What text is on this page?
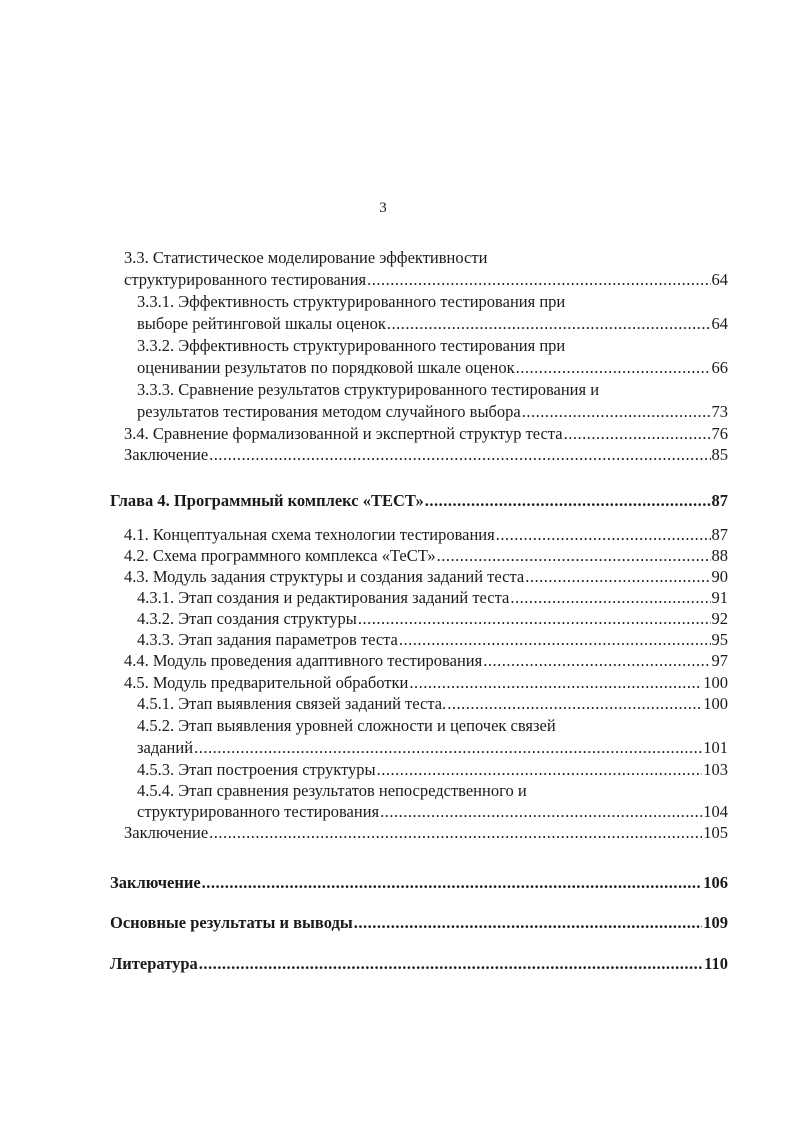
3
3.3. Статистическое моделирование эффективности
структурированного тестирования .....	64
3.3.1. Эффективность структурированного тестирования при
выборе рейтинговой шкалы оценок .....	64
3.3.2. Эффективность структурированного тестирования при
оценивании результатов по порядковой шкале оценок .....	66
3.3.3. Сравнение результатов структурированного тестирования и
результатов тестирования методом случайного выбора .....	73
3.4. Сравнение формализованной и экспертной структур теста .....	76
Заключение .....	85
Глава 4. Программный комплекс «ТЕСТ» .....	87
4.1. Концептуальная схема технологии тестирования .....	87
4.2. Схема программного комплекса «ТеСТ» .....	88
4.3. Модуль задания структуры и создания заданий теста .....	90
4.3.1. Этап создания и редактирования заданий теста .....	91
4.3.2. Этап создания структуры .....	92
4.3.3. Этап задания параметров теста .....	95
4.4. Модуль проведения адаптивного тестирования .....	97
4.5. Модуль предварительной обработки .....	100
4.5.1. Этап выявления связей заданий теста. .....	100
4.5.2. Этап выявления уровней сложности и цепочек связей
заданий .....	101
4.5.3. Этап построения структуры .....	103
4.5.4. Этап сравнения результатов непосредственного и
структурированного тестирования .....	104
Заключение .....	105
Заключение .....	106
Основные результаты и выводы .....	109
Литература .....	110
